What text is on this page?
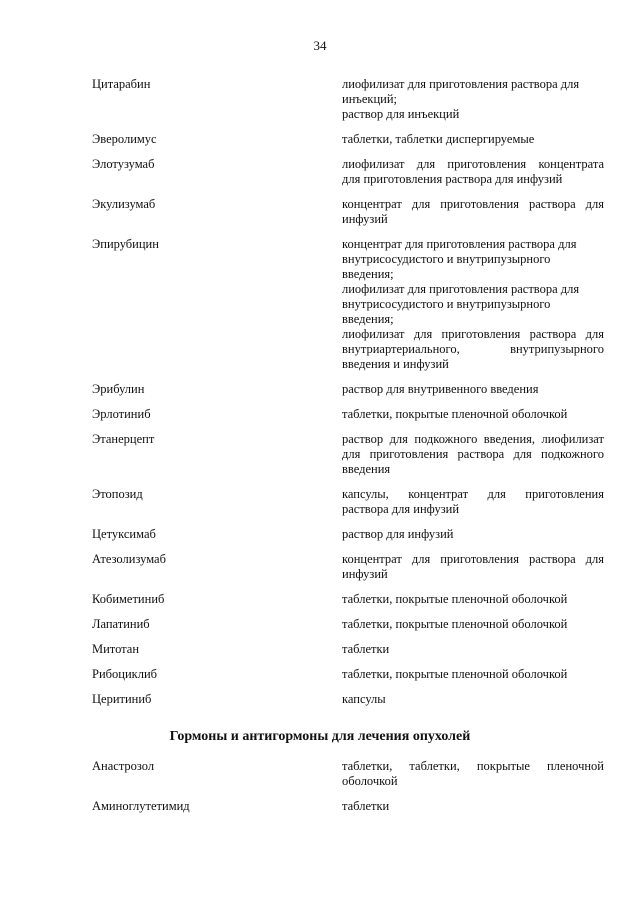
34
Цитарабин	лиофилизат для приготовления раствора для
инъекций;
раствор для инъекций
Эверолимус	таблетки, таблетки диспергируемые
Элотузумаб	лиофилизат для приготовления концентрата
для приготовления раствора для инфузий
Экулизумаб	концентрат для приготовления раствора для
инфузий
Эпирубицин	концентрат для приготовления раствора для
внутрисосудистого и внутрипузырного
введения;
лиофилизат для приготовления раствора для
внутрисосудистого и внутрипузырного
введения;
лиофилизат для приготовления раствора для
внутриартериального, внутрипузырного
введения и инфузий
Эрибулин	раствор для внутривенного введения
Эрлотиниб	таблетки, покрытые пленочной оболочкой
Этанерцепт	раствор для подкожного введения, лиофилизат
для приготовления раствора для подкожного
введения
Этопозид	капсулы, концентрат для приготовления
раствора для инфузий
Цетуксимаб	раствор для инфузий
Атезолизумаб	концентрат для приготовления раствора для
инфузий
Кобиметиниб	таблетки, покрытые пленочной оболочкой
Лапатиниб	таблетки, покрытые пленочной оболочкой
Митотан	таблетки
Рибоциклиб	таблетки, покрытые пленочной оболочкой
Церитиниб	капсулы
Гормоны и антигормоны для лечения опухолей
Анастрозол	таблетки, таблетки, покрытые пленочной
оболочкой
Аминоглутетимид	таблетки
